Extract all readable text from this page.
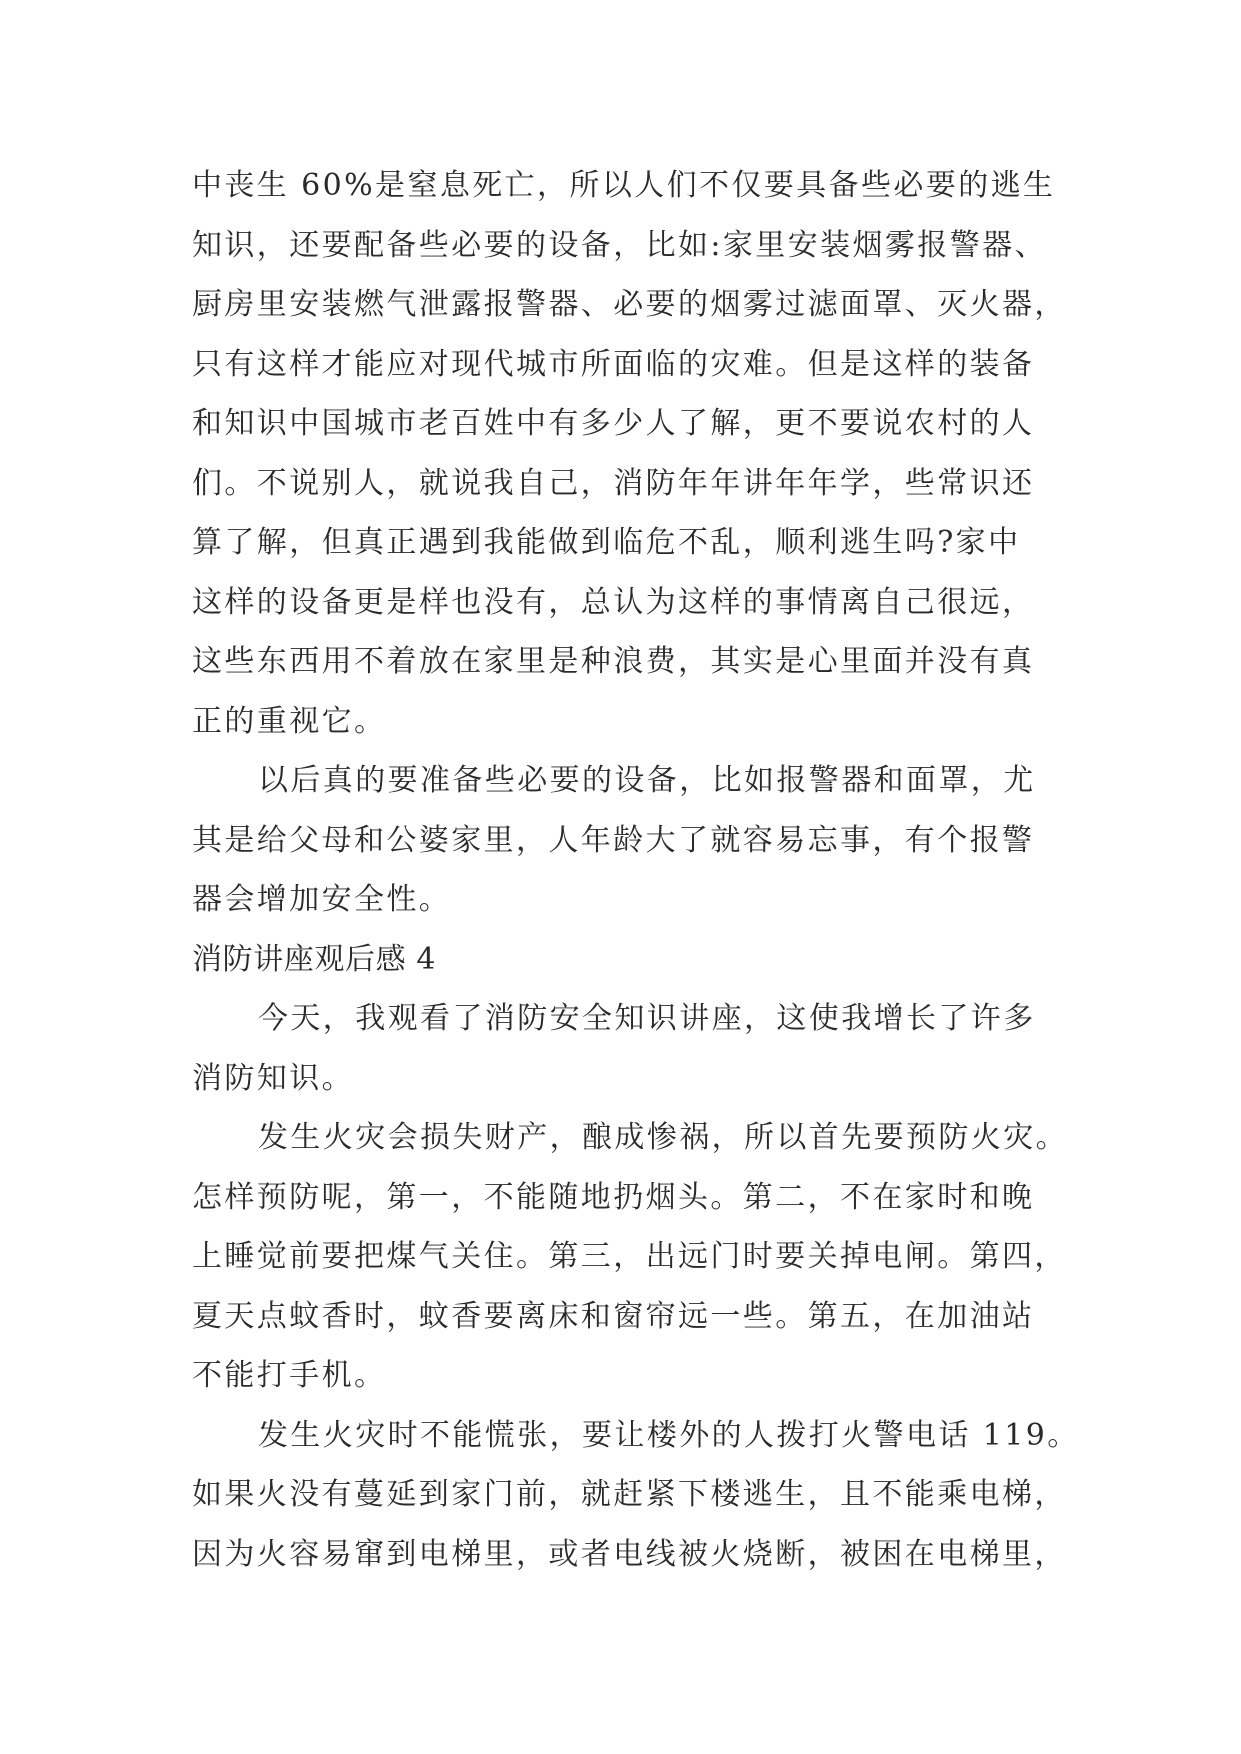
中丧生 60%是窒息死亡，所以人们不仅要具备些必要的逃生
知识，还要配备些必要的设备，比如:家里安装烟雾报警器、
厨房里安装燃气泄露报警器、必要的烟雾过滤面罩、灭火器，
只有这样才能应对现代城市所面临的灾难。但是这样的装备
和知识中国城市老百姓中有多少人了解，更不要说农村的人
们。不说别人，就说我自己，消防年年讲年年学，些常识还
算了解，但真正遇到我能做到临危不乱，顺利逃生吗?家中
这样的设备更是样也没有，总认为这样的事情离自己很远，
这些东西用不着放在家里是种浪费，其实是心里面并没有真
正的重视它。
以后真的要准备些必要的设备，比如报警器和面罩，尤
其是给父母和公婆家里，人年龄大了就容易忘事，有个报警
器会增加安全性。
消防讲座观后感 4
今天，我观看了消防安全知识讲座，这使我增长了许多
消防知识。
发生火灾会损失财产，酿成惨祸，所以首先要预防火灾。
怎样预防呢，第一，不能随地扔烟头。第二，不在家时和晚
上睡觉前要把煤气关住。第三，出远门时要关掉电闸。第四，
夏天点蚊香时，蚊香要离床和窗帘远一些。第五，在加油站
不能打手机。
发生火灾时不能慌张，要让楼外的人拨打火警电话 119。
如果火没有蔓延到家门前，就赶紧下楼逃生，且不能乘电梯，
因为火容易窜到电梯里，或者电线被火烧断，被困在电梯里，
